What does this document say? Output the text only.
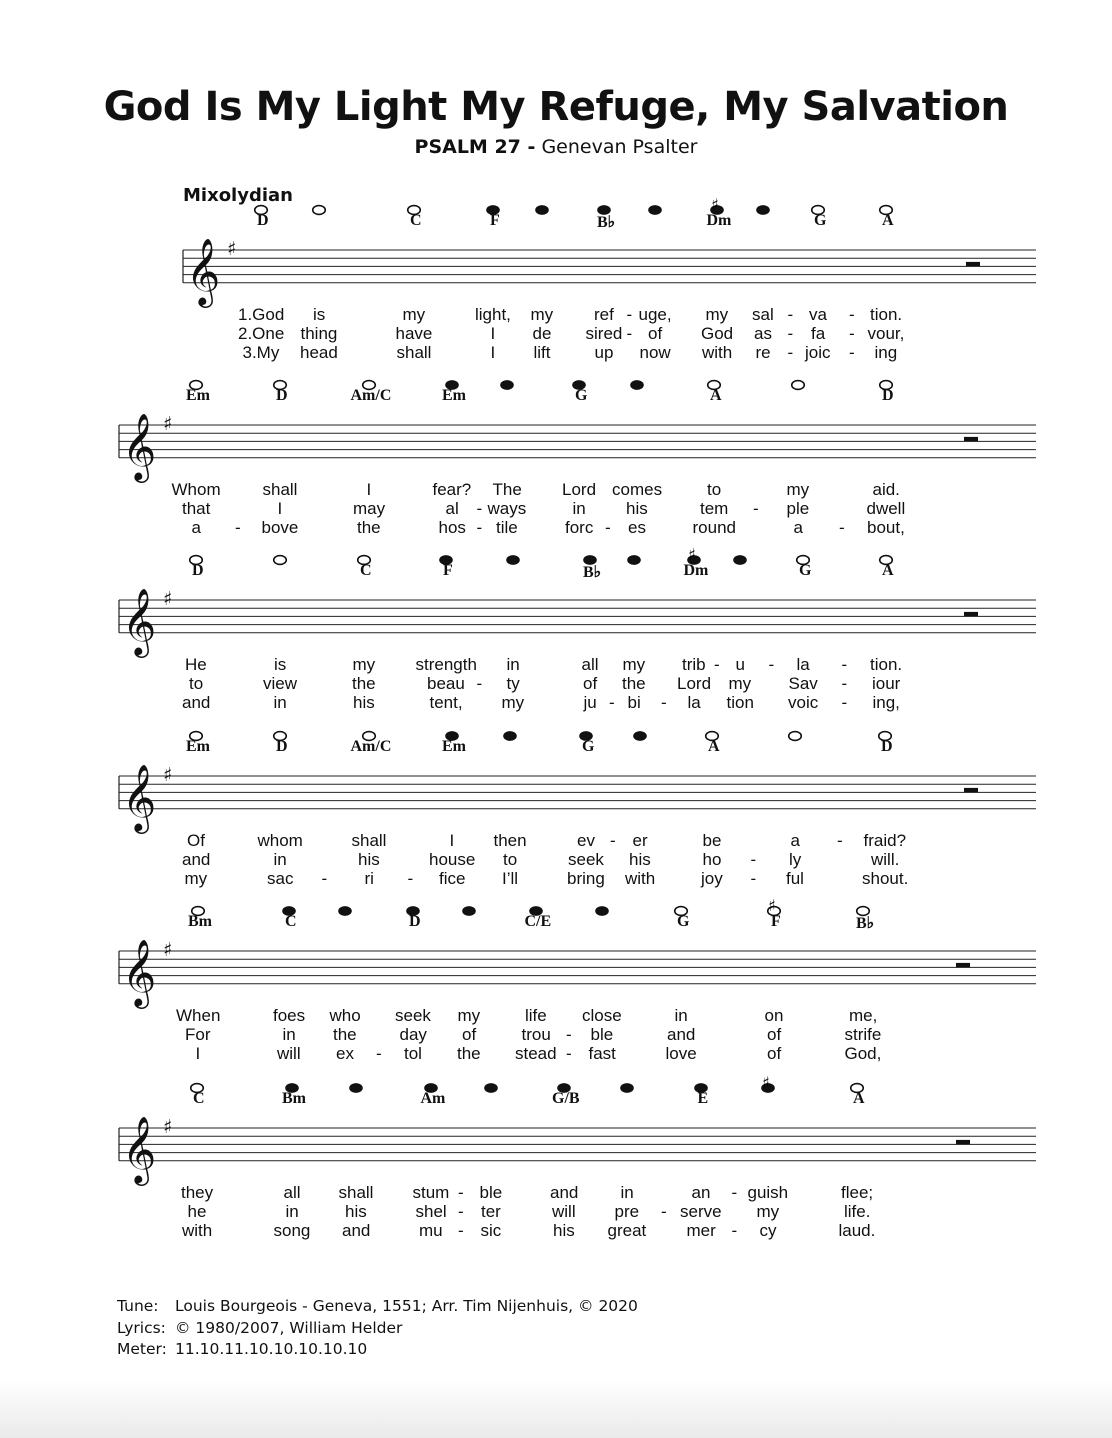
God Is My Light My Refuge, My Salvation
PSALM 27 - Genevan Psalter
Mixolydian
𝄞 ♯
♯
D
1.God
2.One
3.My
is
thing
head
C
my
have
shall
F
light,
I
I
my
de
lift
B♭
ref
sired
up
uge,
of
now
Dm
my
God
with
sal
as
re
G
va
fa
joic
A
tion.
vour,
ing
-
-
-
-
-
-
-
-
𝄞 ♯
Em
Whom
that
a
D
shall
I
bove
Am/C
I
may
the
Em
fear?
al
hos
The
ways
tile
G
Lord
in
forc
comes
his
es
A
to
tem
round
my
ple
a
D
aid.
dwell
bout,
-
-
-	-
-
-
𝄞 ♯
♯
D
He
to
and
is
view
in
C
my
the
his
F
strength
beau
tent,
in
ty
my
B♭
all
of
ju
my
the
bi
Dm
trib
Lord
la
u
my
tion
G
la
Sav
voic
A
tion.
iour
ing,
-
-	-
-	-	-
-
-
𝄞 ♯
Em
Of
and
my
D
whom
in
sac
Am/C
shall
his
ri
Em
I
house
fice
then
to
I’ll
G
ev
seek
bring
er
his
with
A
be
ho
joy
a
ly
ful
D
fraid?
will.
shout.
-	-
-
-
-
-
𝄞 ♯
♯
Bm
When
For
I
C
foes
in
will
who
the
ex
D
seek
day
tol
my
of
the
C/E
life
trou
stead
close
ble
fast
G
in
and
love
F
on
of
of
B♭
me,
strife
God,
-
-
-
𝄞 ♯
♯
C
they
he
with
Bm
all
in
song
shall
his
and
Am
stum
shel
mu
ble
ter
sic
G/B
and
will
his
in
pre
great
E
an
serve
mer
guish
my
cy
A
flee;
life.
laud.
-
-
-
-
-
-
Tune: Louis Bourgeois - Geneva, 1551; Arr. Tim Nijenhuis, © 2020
Lyrics: © 1980/2007, William Helder
Meter: 11.10.11.10.10.10.10.10
